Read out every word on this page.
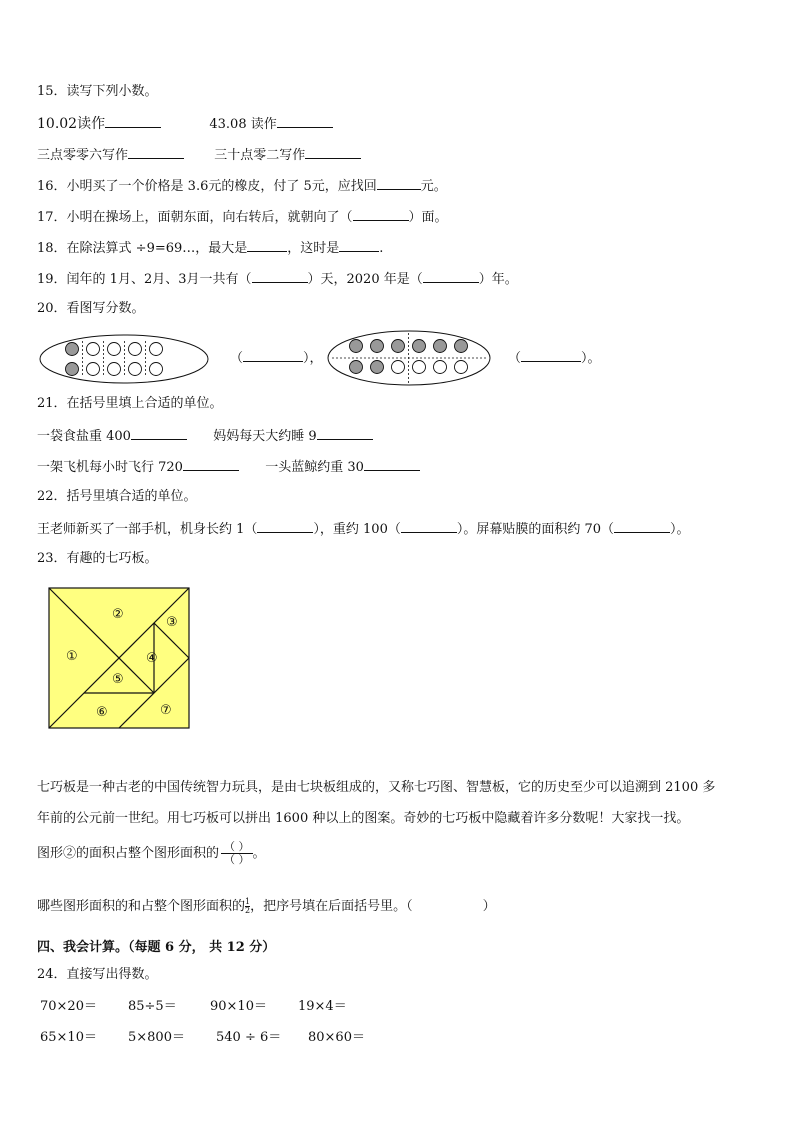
15．读写下列小数。
10.02读作	43.08 读作
三点零零六写作	三十点零二写作
16．小明买了一个价格是 3.6元的橡皮，付了 5元，应找回	元。
17．小明在操场上，面朝东面，向右转后，就朝向了（	）面。
18．在除法算式 ÷9=69…，最大是	，这时是	.
19．闰年的 1月、2月、3月一共有（	）天，2020 年是（	）年。
20．看图写分数。
（	），	（	）。
21．在括号里填上合适的单位。
一袋食盐重 400	妈妈每天大约睡 9
一架飞机每小时飞行 720	一头蓝鲸约重 30
22．括号里填合适的单位。
王老师新买了一部手机，机身长约 1（	），重约 100（	）。屏幕贴膜的面积约 70（	）。
23．有趣的七巧板。
①
②
③
④
⑤
⑥	⑦
七巧板是一种古老的中国传统智力玩具，是由七块板组成的，又称七巧图、智慧板，它的历史至少可以追溯到 2100 多
年前的公元前一世纪。用七巧板可以拼出 1600 种以上的图案。奇妙的七巧板中隐藏着许多分数呢！大家找一找。
图形②的面积占整个图形面积的 $\frac{( )}{( )}$ 。
哪些图形面积的和占整个图形面积的 $\frac{1}{2}$ ，把序号填在后面括号里。（	）
四、我会计算。（每题 6 分， 共 12 分）
24．直接写出得数。
70×20＝ 85÷5＝	90×10＝ 19×4＝
65×10＝ 5×800＝ 540 ÷ 6＝ 80×60＝
